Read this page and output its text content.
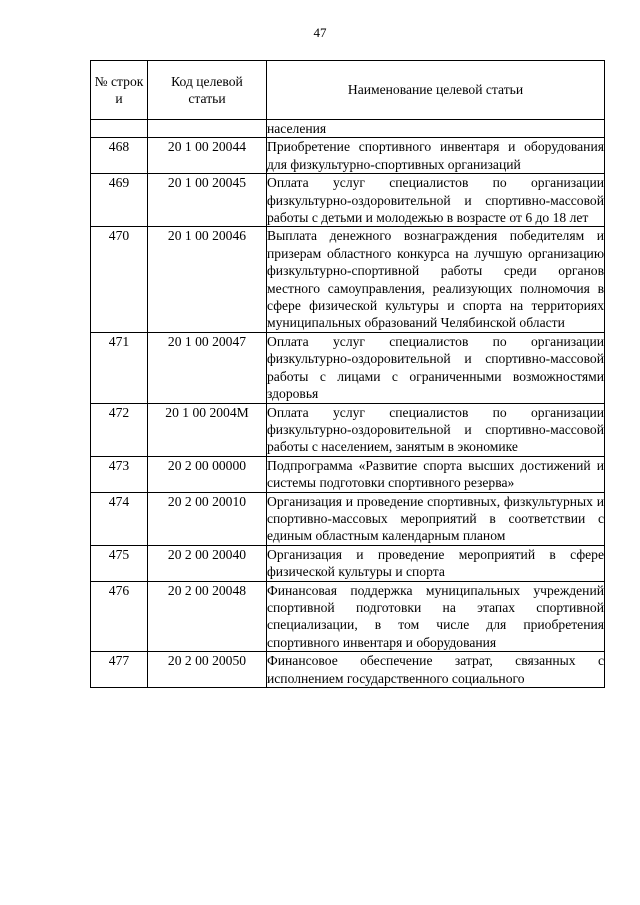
47
№ строк и	Код целевой статьи	Наименование целевой статьи

		населения
468	20 1 00 20044	Приобретение спортивного инвентаря и оборудования для физкультурно-спортивных организаций
469	20 1 00 20045	Оплата услуг специалистов по организации физкультурно-оздоровительной и спортивно-массовой работы с детьми и молодежью в возрасте от 6 до 18 лет
470	20 1 00 20046	Выплата денежного вознаграждения победителям и призерам областного конкурса на лучшую организацию физкультурно-спортивной работы среди органов местного самоуправления, реализующих полномочия в сфере физической культуры и спорта на территориях муниципальных образований Челябинской области
471	20 1 00 20047	Оплата услуг специалистов по организации физкультурно-оздоровительной и спортивно-массовой работы с лицами с ограниченными возможностями здоровья
472	20 1 00 2004М	Оплата услуг специалистов по организации физкультурно-оздоровительной и спортивно-массовой работы с населением, занятым в экономике
473	20 2 00 00000	Подпрограмма «Развитие спорта высших достижений и системы подготовки спортивного резерва»
474	20 2 00 20010	Организация и проведение спортивных, физкультурных и спортивно-массовых мероприятий в соответствии с единым областным календарным планом
475	20 2 00 20040	Организация и проведение мероприятий в сфере физической культуры и спорта
476	20 2 00 20048	Финансовая поддержка муниципальных учреждений спортивной подготовки на этапах спортивной специализации, в том числе для приобретения спортивного инвентаря и оборудования
477	20 2 00 20050	Финансовое обеспечение затрат, связанных с исполнением государственного социального
